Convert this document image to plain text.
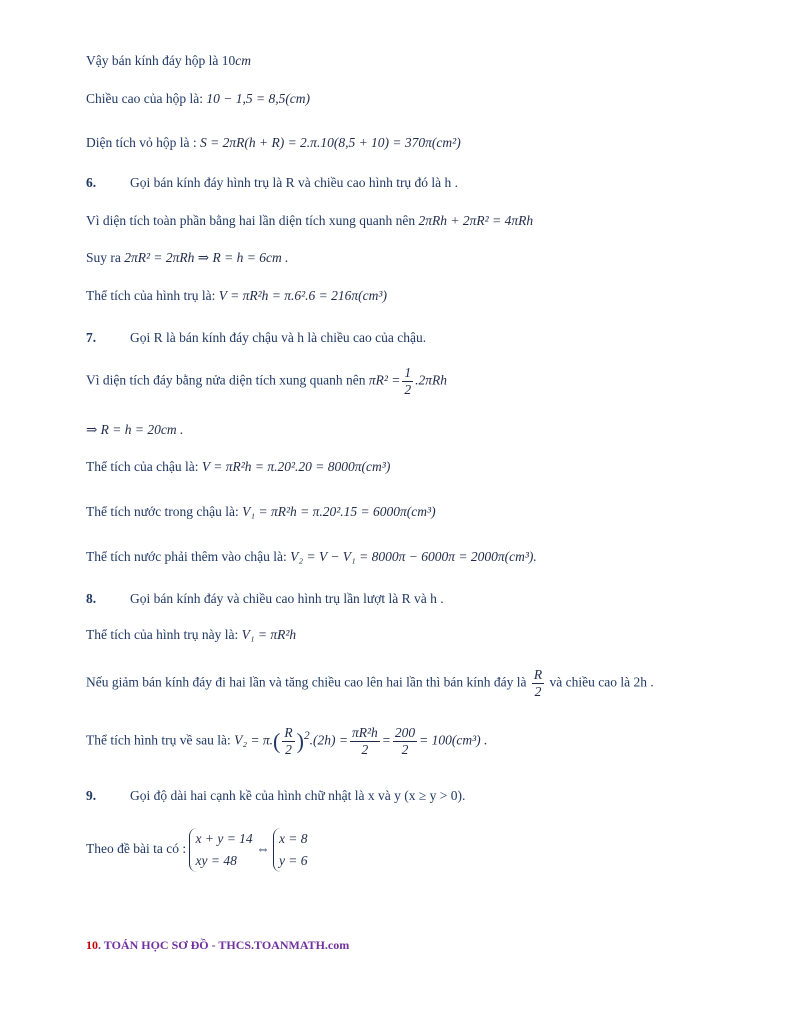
Vậy bán kính đáy hộp là 10cm
Chiều cao của hộp là: 10 − 1,5 = 8,5(cm)
Diện tích vỏ hộp là : S = 2πR(h + R) = 2.π.10(8,5 + 10) = 370π(cm²)
6.	Gọi bán kính đáy hình trụ là R và chiều cao hình trụ đó là h .
Vì diện tích toàn phần bằng hai lần diện tích xung quanh nên 2πRh + 2πR² = 4πRh
Suy ra 2πR² = 2πRh ⇒ R = h = 6cm .
Thể tích của hình trụ là: V = πR²h = π.6².6 = 216π(cm³)
7.	Gọi R là bán kính đáy chậu và h là chiều cao của chậu.
Vì diện tích đáy bằng nửa diện tích xung quanh nên $\pi R^2 = \frac{1}{2} .2\pi Rh$
⇒ R = h = 20cm .
Thể tích của chậu là: V = πR²h = π.20².20 = 8000π(cm³)
Thể tích nước trong chậu là: V₁ = πR²h = π.20².15 = 6000π(cm³)
Thể tích nước phải thêm vào chậu là: V₂ = V − V₁ = 8000π − 6000π = 2000π(cm³).
8.	Gọi bán kính đáy và chiều cao hình trụ lần lượt là R và h .
Thể tích của hình trụ này là: V₁ = πR²h
Nếu giảm bán kính đáy đi hai lần và tăng chiều cao lên hai lần thì bán kính đáy là $\frac{R}{2}$ và chiều cao là 2h .
Thể tích hình trụ về sau là: $V_2 = \pi.( \frac{R}{2} )^2.(2h) = \frac{\text{πR²h}}{2} = \frac{200}{2} = 100(cm^3)$ .
9.	Gọi độ dài hai cạnh kề của hình chữ nhật là x và y (x ≥ y > 0).
Theo đề bài ta có : x + y = 14
xy = 48 ⇔ x = 8
y = 6
10. TOÁN HỌC SƠ ĐỒ - THCS.TOANMATH.com
